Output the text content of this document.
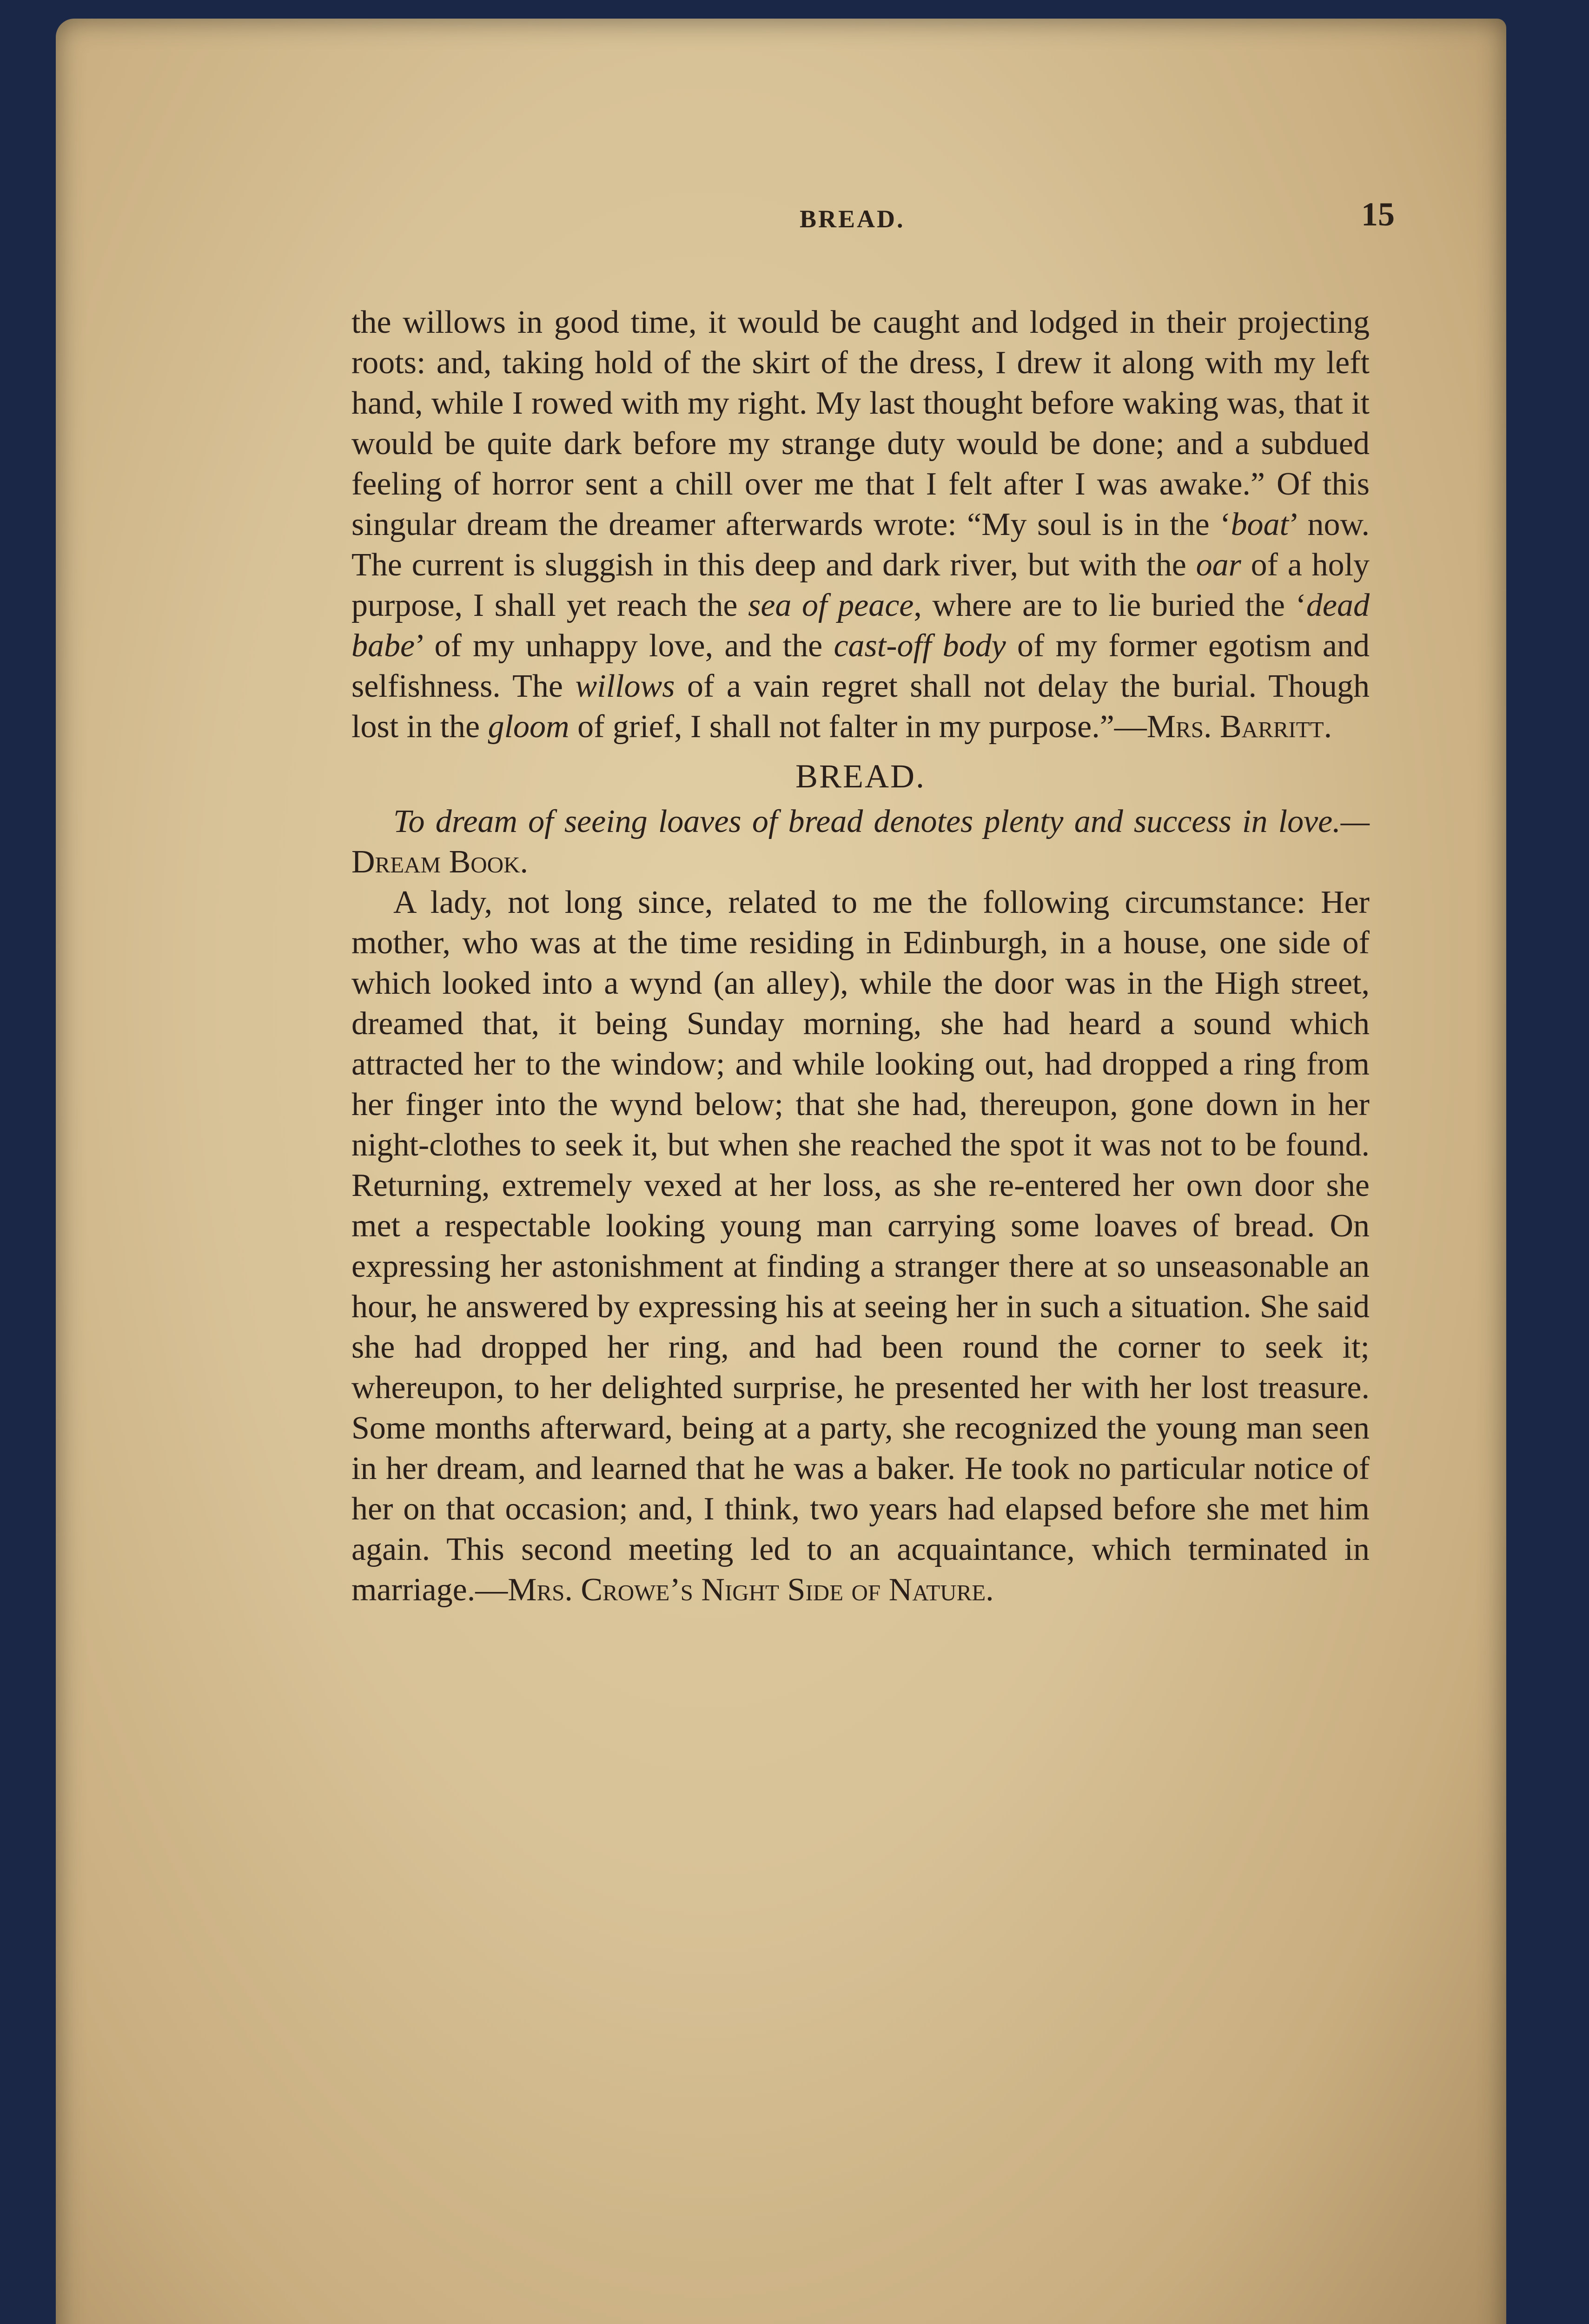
BREAD.	15

the willows in good time, it would be caught and lodged in their projecting roots: and, taking hold of the skirt of the dress, I drew it along with my left hand, while I rowed with my right. My last thought before waking was, that it would be quite dark before my strange duty would be done; and a subdued feeling of horror sent a chill over me that I felt after I was awake.” Of this singular dream the dreamer afterwards wrote: “My soul is in the ‘boat’ now. The current is sluggish in this deep and dark river, but with the oar of a holy purpose, I shall yet reach the sea of peace, where are to lie buried the ‘dead babe’ of my unhappy love, and the cast-off body of my former egotism and selfishness. The willows of a vain regret shall not delay the burial. Though lost in the gloom of grief, I shall not falter in my purpose.”—Mrs. Barritt.

BREAD.

To dream of seeing loaves of bread denotes plenty and success in love.—Dream Book.

A lady, not long since, related to me the following circumstance: Her mother, who was at the time residing in Edinburgh, in a house, one side of which looked into a wynd (an alley), while the door was in the High street, dreamed that, it being Sunday morning, she had heard a sound which attracted her to the window; and while looking out, had dropped a ring from her finger into the wynd below; that she had, thereupon, gone down in her night-clothes to seek it, but when she reached the spot it was not to be found. Returning, extremely vexed at her loss, as she re-entered her own door she met a respectable looking young man carrying some loaves of bread. On expressing her astonishment at finding a stranger there at so unseasonable an hour, he answered by expressing his at seeing her in such a situation. She said she had dropped her ring, and had been round the corner to seek it; whereupon, to her delighted surprise, he presented her with her lost treasure. Some months afterward, being at a party, she recognized the young man seen in her dream, and learned that he was a baker. He took no particular notice of her on that occasion; and, I think, two years had elapsed before she met him again. This second meeting led to an acquaintance, which terminated in marriage.—Mrs. Crowe’s Night Side of Nature.
